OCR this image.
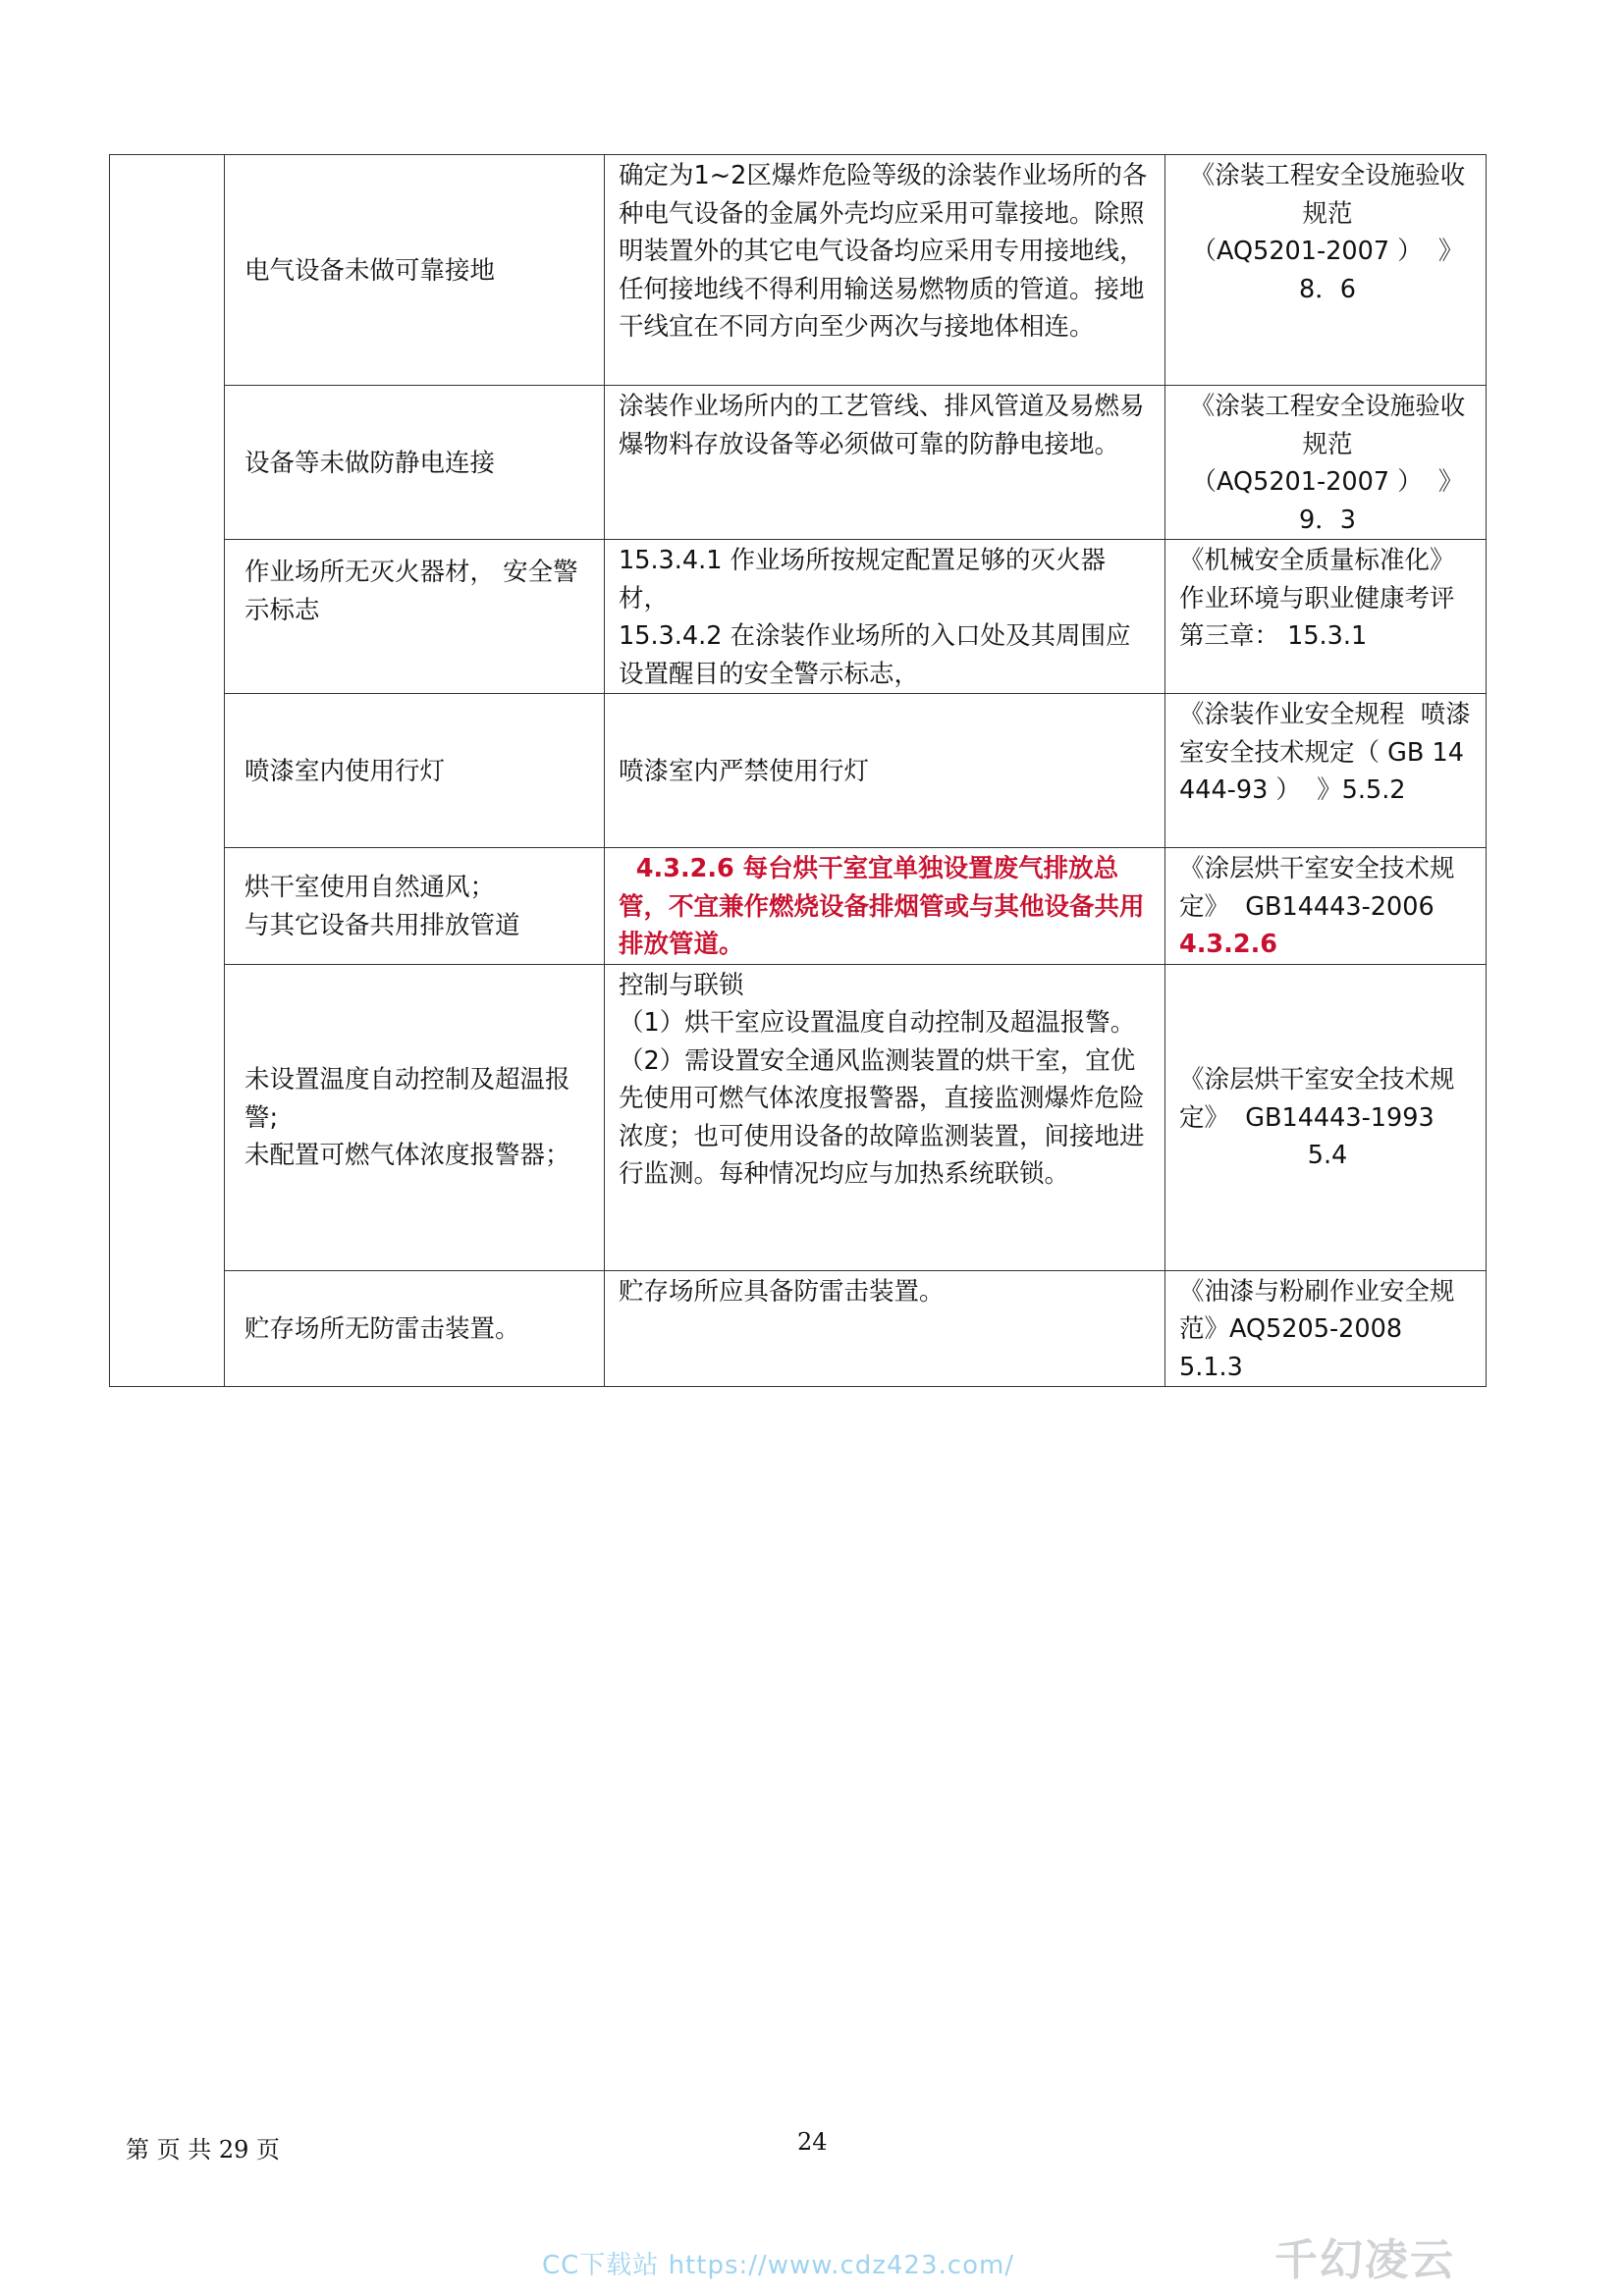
	电气设备未做可靠接地	确定为1~2区爆炸危险等级的涂装作业场所的各种电气设备的金属外壳均应采用可靠接地。除照明装置外的其它电气设备均应采用专用接地线，任何接地线不得利用输送易燃物质的管道。接地干线宜在不同方向至少两次与接地体相连。	《涂装工程安全设施验收规范
（AQ5201-2007 ）  》
8．6

	设备等未做防静电连接	涂装作业场所内的工艺管线、排风管道及易燃易爆物料存放设备等必须做可靠的防静电接地。	《涂装工程安全设施验收规范
（AQ5201-2007 ）  》
9．3

	作业场所无灭火器材， 安全警示标志	15.3.4.1 作业场所按规定配置足够的灭火器材，
15.3.4.2 在涂装作业场所的入口处及其周围应设置醒目的安全警示标志，	《机械安全质量标准化》作业环境与职业健康考评第三章： 15.3.1

	喷漆室内使用行灯	喷漆室内严禁使用行灯	《涂装作业安全规程  喷漆室安全技术规定（ GB 14444-93 ）  》5.5.2

	烘干室使用自然通风；
与其它设备共用排放管道	4.3.2.6 每台烘干室宜单独设置废气排放总管，不宜兼作燃烧设备排烟管或与其他设备共用排放管道。	《涂层烘干室安全技术规定》  GB14443-2006
4.3.2.6

	未设置温度自动控制及超温报警;
未配置可燃气体浓度报警器；	控制与联锁
（1）烘干室应设置温度自动控制及超温报警。
（2）需设置安全通风监测装置的烘干室，宜优先使用可燃气体浓度报警器，直接监测爆炸危险浓度；也可使用设备的故障监测装置，间接地进行监测。每种情况均应与加热系统联锁。	《涂层烘干室安全技术规定》  GB14443-1993
5.4

	贮存场所无防雷击装置。	贮存场所应具备防雷击装置。	《油漆与粉刷作业安全规范》AQ5205-2008
5.1.3
第 页 共 29 页	24
CC下载站 https://www.cdz423.com/	千幻凌云
